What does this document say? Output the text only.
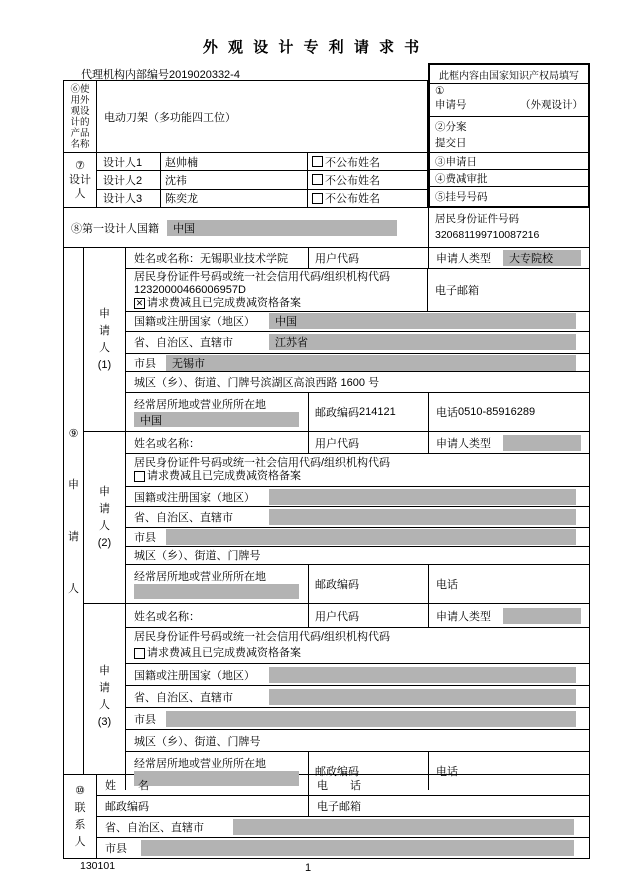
外 观 设 计 专 利 请 求 书
代理机构内部编号2019020332-4	此框内容由国家知识产权局填写
①
申请号	（外观设计）
②分案
提交日
③申请日
④费减审批
⑤挂号号码
⑥使
用外
观设
计的
产品
名称
电动刀架（多功能四工位）
⑦
设计
人
设计人1	赵帅楠	不公布姓名
设计人2	沈祎	不公布姓名
设计人3	陈奕龙	不公布姓名
⑧第一设计人国籍	中国
居民身份证件号码
320681199710087216
⑨
申
请
人
申
请
人
(1)
姓名或名称： 无锡职业技术学院	用户代码	申请人类型	大专院校
居民身份证件号码或统一社会信用代码/组织机构代码
12320000466006957D
✕ 请求费减且已完成费减资格备案
电子邮箱
国籍或注册国家（地区）	中国
省、自治区、直辖市	江苏省
市县	无锡市
城区（乡）、街道、门牌号 滨湖区高浪西路 1600 号
经常居所地或营业所所在地
中国
邮政编码 214121	电话 0510-85916289
申
请
人
(2)
姓名或名称：	用户代码	申请人类型
居民身份证件号码或统一社会信用代码/组织机构代码
请求费减且已完成费减资格备案
国籍或注册国家（地区）
省、自治区、直辖市
市县
城区（乡）、街道、门牌号
经常居所地或营业所所在地
邮政编码	电话
申
请
人
(3)
姓名或名称：	用户代码	申请人类型
居民身份证件号码或统一社会信用代码/组织机构代码
请求费减且已完成费减资格备案
国籍或注册国家（地区）
省、自治区、直辖市
市县
城区（乡）、街道、门牌号
经常居所地或营业所所在地
邮政编码	电话
⑩
联
系
人
姓　　名	电　　话
邮政编码	电子邮箱
省、自治区、直辖市
市县
130101	1
